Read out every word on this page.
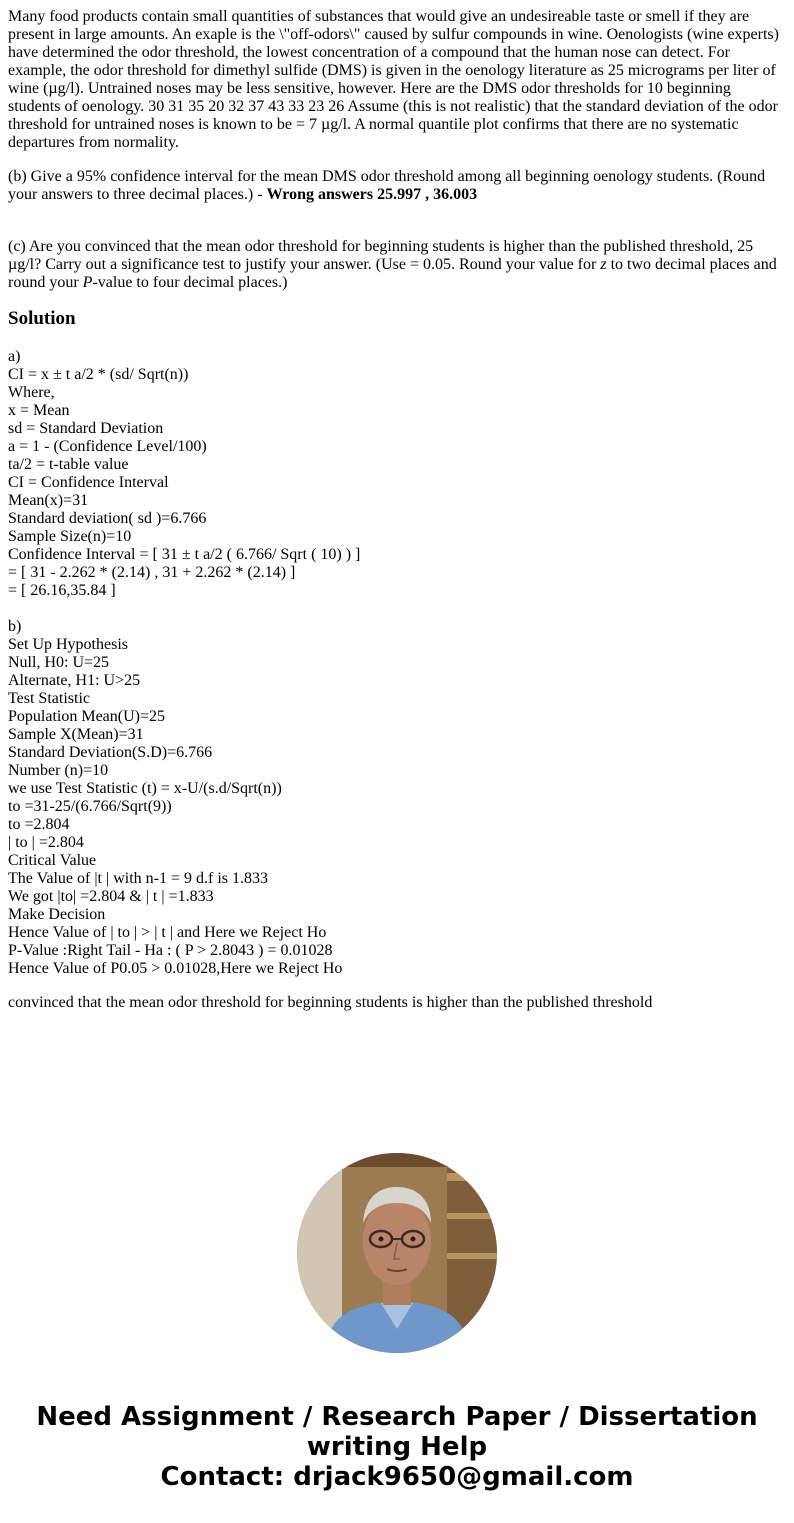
Many food products contain small quantities of substances that would give an undesireable taste or smell if they are present in large amounts. An exaple is the \"off-odors\" caused by sulfur compounds in wine. Oenologists (wine experts) have determined the odor threshold, the lowest concentration of a compound that the human nose can detect. For example, the odor threshold for dimethyl sulfide (DMS) is given in the oenology literature as 25 micrograms per liter of wine (µg/l). Untrained noses may be less sensitive, however. Here are the DMS odor thresholds for 10 beginning students of oenology. 30 31 35 20 32 37 43 33 23 26 Assume (this is not realistic) that the standard deviation of the odor threshold for untrained noses is known to be = 7 µg/l. A normal quantile plot confirms that there are no systematic departures from normality.

(b) Give a 95% confidence interval for the mean DMS odor threshold among all beginning oenology students. (Round your answers to three decimal places.) - Wrong answers 25.997 , 36.003

(c) Are you convinced that the mean odor threshold for beginning students is higher than the published threshold, 25 µg/l? Carry out a significance test to justify your answer. (Use = 0.05. Round your value for z to two decimal places and round your P-value to four decimal places.)

Solution
a)
CI = x ± t a/2 * (sd/ Sqrt(n))
Where,
x = Mean
sd = Standard Deviation
a = 1 - (Confidence Level/100)
ta/2 = t-table value
CI = Confidence Interval
Mean(x)=31
Standard deviation( sd )=6.766
Sample Size(n)=10
Confidence Interval = [ 31 ± t a/2 ( 6.766/ Sqrt ( 10) ) ]
= [ 31 - 2.262 * (2.14) , 31 + 2.262 * (2.14) ]
= [ 26.16,35.84 ]
b)
Set Up Hypothesis
Null, H0: U=25
Alternate, H1: U>25
Test Statistic
Population Mean(U)=25
Sample X(Mean)=31
Standard Deviation(S.D)=6.766
Number (n)=10
we use Test Statistic (t) = x-U/(s.d/Sqrt(n))
to =31-25/(6.766/Sqrt(9))
to =2.804
| to | =2.804
Critical Value
The Value of |t | with n-1 = 9 d.f is 1.833
We got |to| =2.804 & | t | =1.833
Make Decision
Hence Value of | to | > | t | and Here we Reject Ho
P-Value :Right Tail - Ha : ( P > 2.8043 ) = 0.01028
Hence Value of P0.05 > 0.01028,Here we Reject Ho

convinced that the mean odor threshold for beginning students is higher than the published threshold

Need Assignment / Research Paper / Dissertation
writing Help
Contact: drjack9650@gmail.com
